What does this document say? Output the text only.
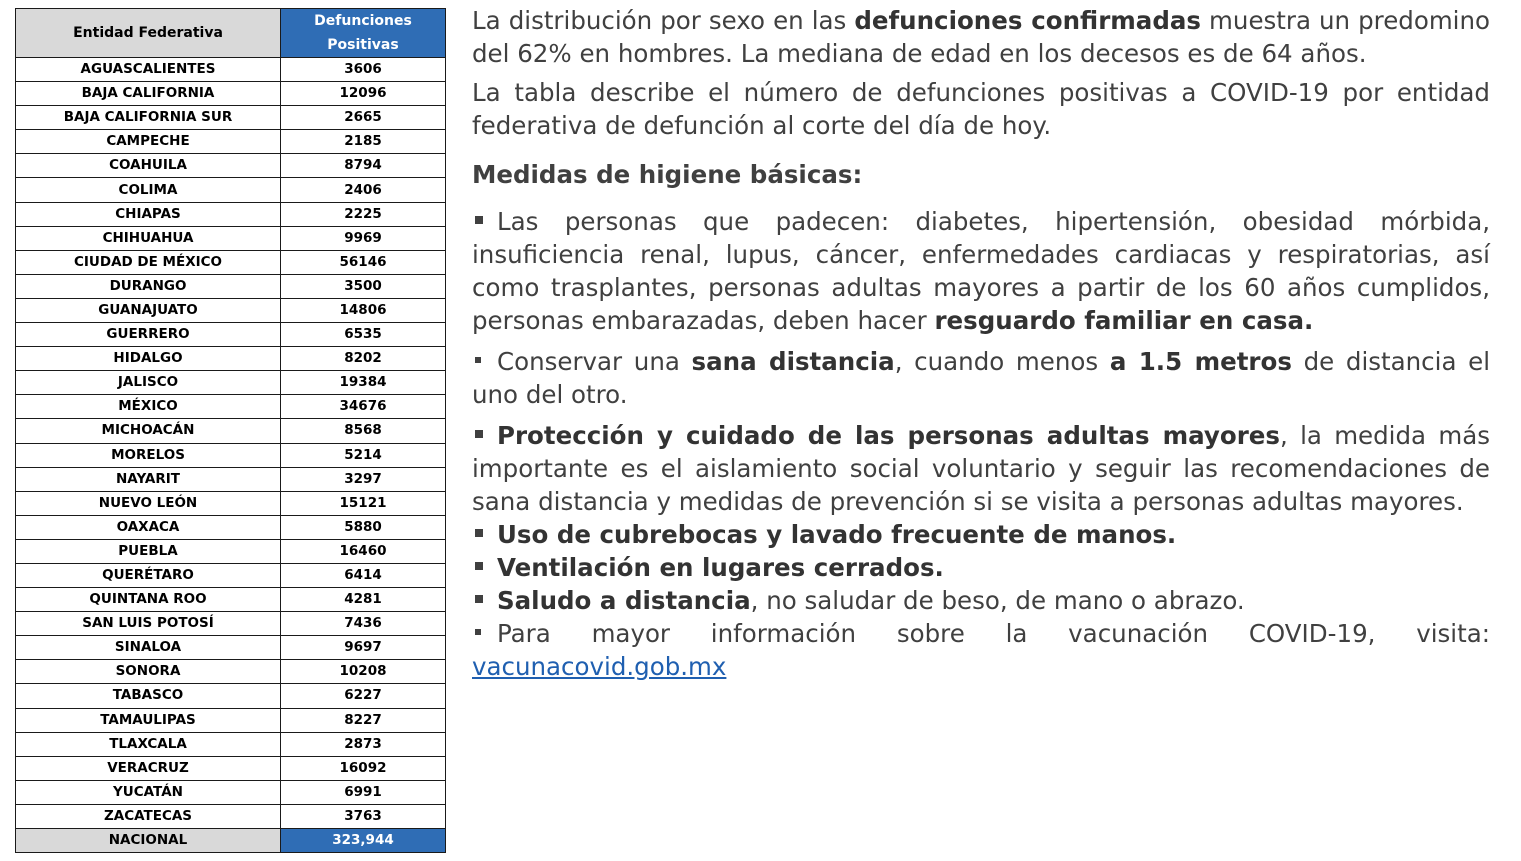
Entidad Federativa	Defunciones
Positivas
AGUASCALIENTES	3606
BAJA CALIFORNIA	12096
BAJA CALIFORNIA SUR	2665
CAMPECHE	2185
COAHUILA	8794
COLIMA	2406
CHIAPAS	2225
CHIHUAHUA	9969
CIUDAD DE MÉXICO	56146
DURANGO	3500
GUANAJUATO	14806
GUERRERO	6535
HIDALGO	8202
JALISCO	19384
MÉXICO	34676
MICHOACÁN	8568
MORELOS	5214
NAYARIT	3297
NUEVO LEÓN	15121
OAXACA	5880
PUEBLA	16460
QUERÉTARO	6414
QUINTANA ROO	4281
SAN LUIS POTOSÍ	7436
SINALOA	9697
SONORA	10208
TABASCO	6227
TAMAULIPAS	8227
TLAXCALA	2873
VERACRUZ	16092
YUCATÁN	6991
ZACATECAS	3763
NACIONAL	323,944

La distribución por sexo en las defunciones confirmadas muestra un predomino del 62% en hombres. La mediana de edad en los decesos es de 64 años.

La tabla describe el número de defunciones positivas a COVID-19 por entidad federativa de defunción al corte del día de hoy.

Medidas de higiene básicas:

Las personas que padecen: diabetes, hipertensión, obesidad mórbida, insuficiencia renal, lupus, cáncer, enfermedades cardiacas y respiratorias, así como trasplantes, personas adultas mayores a partir de los 60 años cumplidos, personas embarazadas, deben hacer resguardo familiar en casa.

Conservar una sana distancia, cuando menos a 1.5 metros de distancia el uno del otro.

Protección y cuidado de las personas adultas mayores, la medida más importante es el aislamiento social voluntario y seguir las recomendaciones de sana distancia y medidas de prevención si se visita a personas adultas mayores.

Uso de cubrebocas y lavado frecuente de manos.

Ventilación en lugares cerrados.

Saludo a distancia, no saludar de beso, de mano o abrazo.

Para mayor información sobre la vacunación COVID-19, visita:

vacunacovid.gob.mx
